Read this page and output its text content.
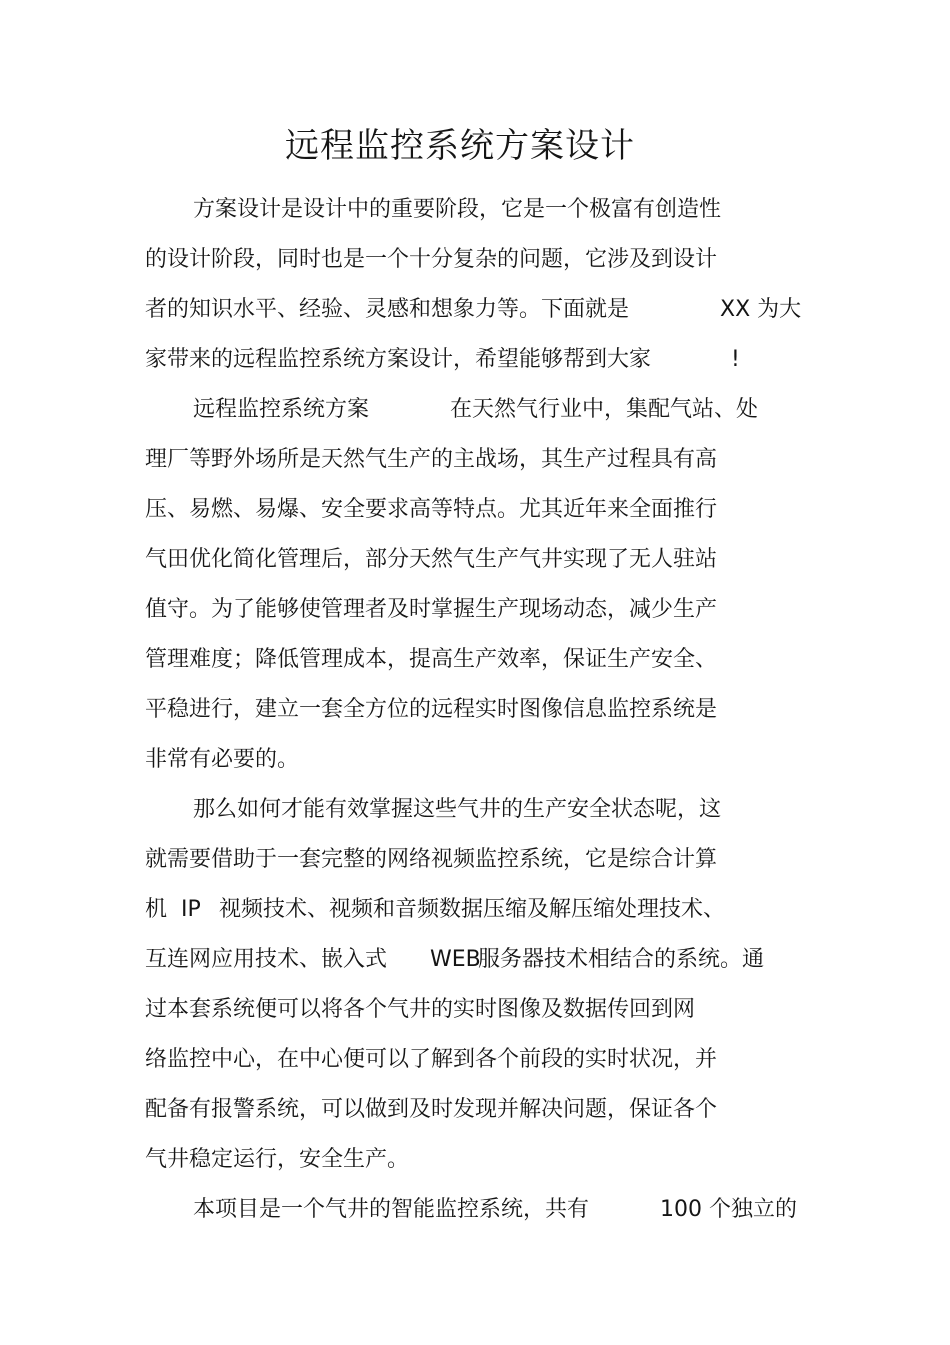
远程监控系统方案设计
方案设计是设计中的重要阶段，它是一个极富有创造性
的设计阶段，同时也是一个十分复杂的问题，它涉及到设计
者的知识水平、经验、灵感和想象力等。下面就是	XX 为大
家带来的远程监控系统方案设计，希望能够帮到大家	!
远程监控系统方案	在天然气行业中，集配气站、处
理厂等野外场所是天然气生产的主战场，其生产过程具有高
压、易燃、易爆、安全要求高等特点。尤其近年来全面推行
气田优化简化管理后，部分天然气生产气井实现了无人驻站
值守。为了能够使管理者及时掌握生产现场动态，减少生产
管理难度；降低管理成本，提高生产效率，保证生产安全、
平稳进行，建立一套全方位的远程实时图像信息监控系统是
非常有必要的。
那么如何才能有效掌握这些气井的生产安全状态呢，这
就需要借助于一套完整的网络视频监控系统，它是综合计算
机 IP 视频技术、视频和音频数据压缩及解压缩处理技术、
互连网应用技术、嵌入式 WEB
服务器技术相结合的系统。通
过本套系统便可以将各个气井的实时图像及数据传回到网
络监控中心，在中心便可以了解到各个前段的实时状况，并
配备有报警系统，可以做到及时发现并解决问题，保证各个
气井稳定运行，安全生产。
本项目是一个气井的智能监控系统，共有	100 个独立的
